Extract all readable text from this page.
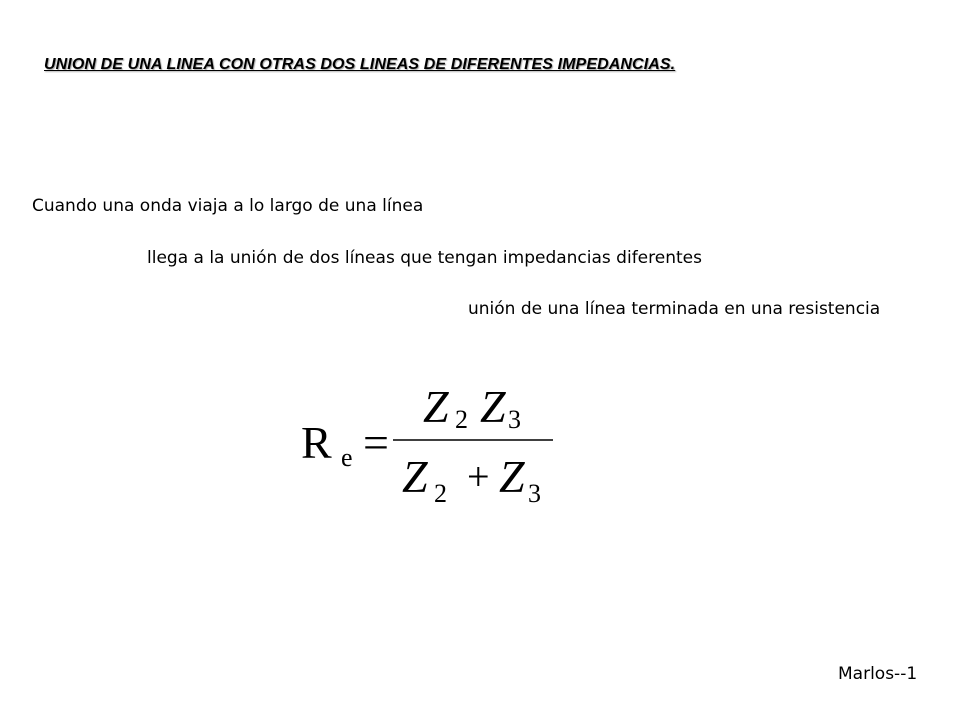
UNION DE UNA LINEA CON OTRAS DOS LINEAS DE DIFERENTES IMPEDANCIAS.
Cuando una onda viaja a lo largo de una línea
llega a la unión de dos líneas que tengan impedancias diferentes
unión de una línea terminada en una resistencia
R e =
Z 2 Z 3
Z 2 + Z 3
Marlos--1
